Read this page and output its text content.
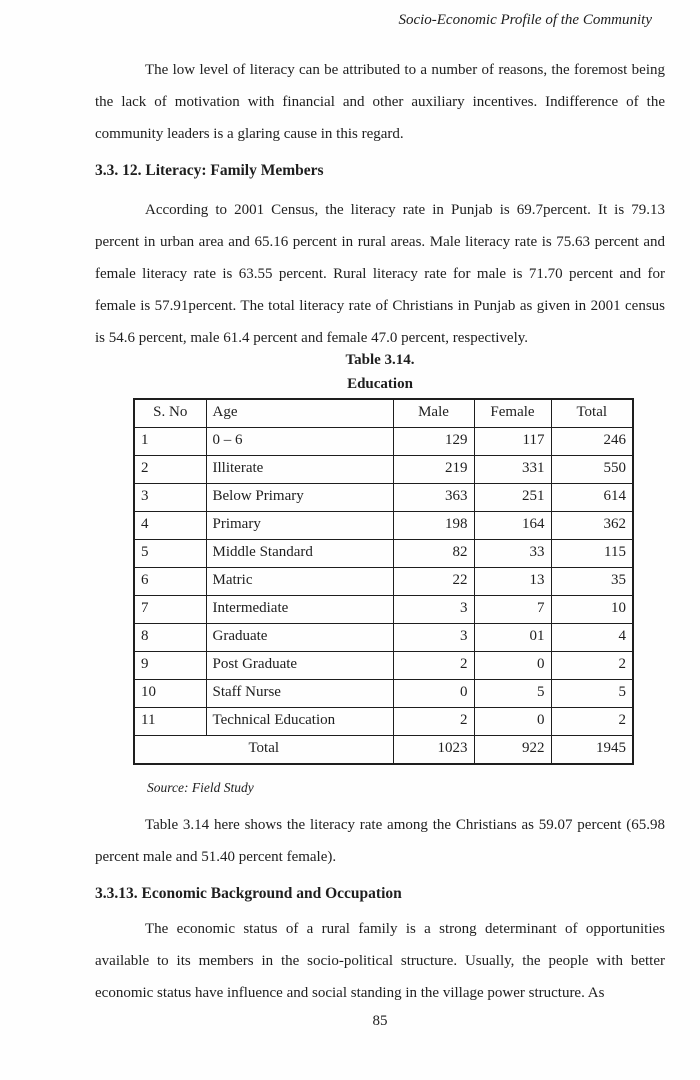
Socio-Economic Profile of the Community

The low level of literacy can be attributed to a number of reasons, the foremost being the lack of motivation with financial and other auxiliary incentives. Indifference of the community leaders is a glaring cause in this regard.

3.3. 12. Literacy: Family Members

According to 2001 Census, the literacy rate in Punjab is 69.7percent. It is 79.13 percent in urban area and 65.16 percent in rural areas. Male literacy rate is 75.63 percent and female literacy rate is 63.55 percent. Rural literacy rate for male is 71.70 percent and for female is 57.91percent. The total literacy rate of Christians in Punjab as given in 2001 census is 54.6 percent, male 61.4 percent and female 47.0 percent, respectively.

Table 3.14.
Education
S. No	Age	Male	Female	Total
1	0 – 6	129	117	246
2	Illiterate	219	331	550
3	Below Primary	363	251	614
4	Primary	198	164	362
5	Middle Standard	82	33	115
6	Matric	22	13	35
7	Intermediate	3	7	10
8	Graduate	3	01	4
9	Post Graduate	2	0	2
10	Staff Nurse	0	5	5
11	Technical Education	2	0	2
Total		1023	922	1945
Source: Field Study

Table 3.14 here shows the literacy rate among the Christians as 59.07 percent (65.98 percent male and 51.40 percent female).

3.3.13. Economic Background and Occupation

The economic status of a rural family is a strong determinant of opportunities available to its members in the socio-political structure. Usually, the people with better economic status have influence and social standing in the village power structure. As

85
